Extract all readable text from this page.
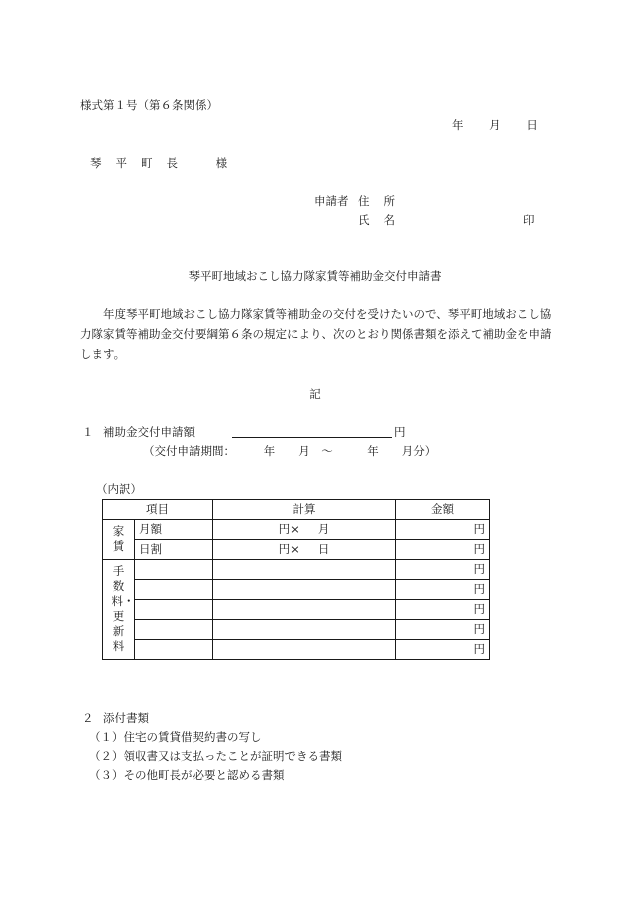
様式第１号（第６条関係）
年 月 日
琴平町長 様
申請者 住所
氏名	印
琴平町地域おこし協力隊家賃等補助金交付申請書
年度琴平町地域おこし協力隊家賃等補助金の交付を受けたいので、琴平町地域おこし協力隊家賃等補助金交付要綱第６条の規定により、次のとおり関係書類を添えて補助金を申請します。
記
１ 補助金交付申請額	円
（交付申請期間：　　　年　　月　〜　　　年　　月分）
（内訳）
項目		計算	金額
家賃	月額	円× 月	円
	日割	円× 日	円
手数料・更新料			円
			円
			円
			円
			円
２ 添付書類
（１）住宅の賃貸借契約書の写し
（２）領収書又は支払ったことが証明できる書類
（３）その他町長が必要と認める書類
